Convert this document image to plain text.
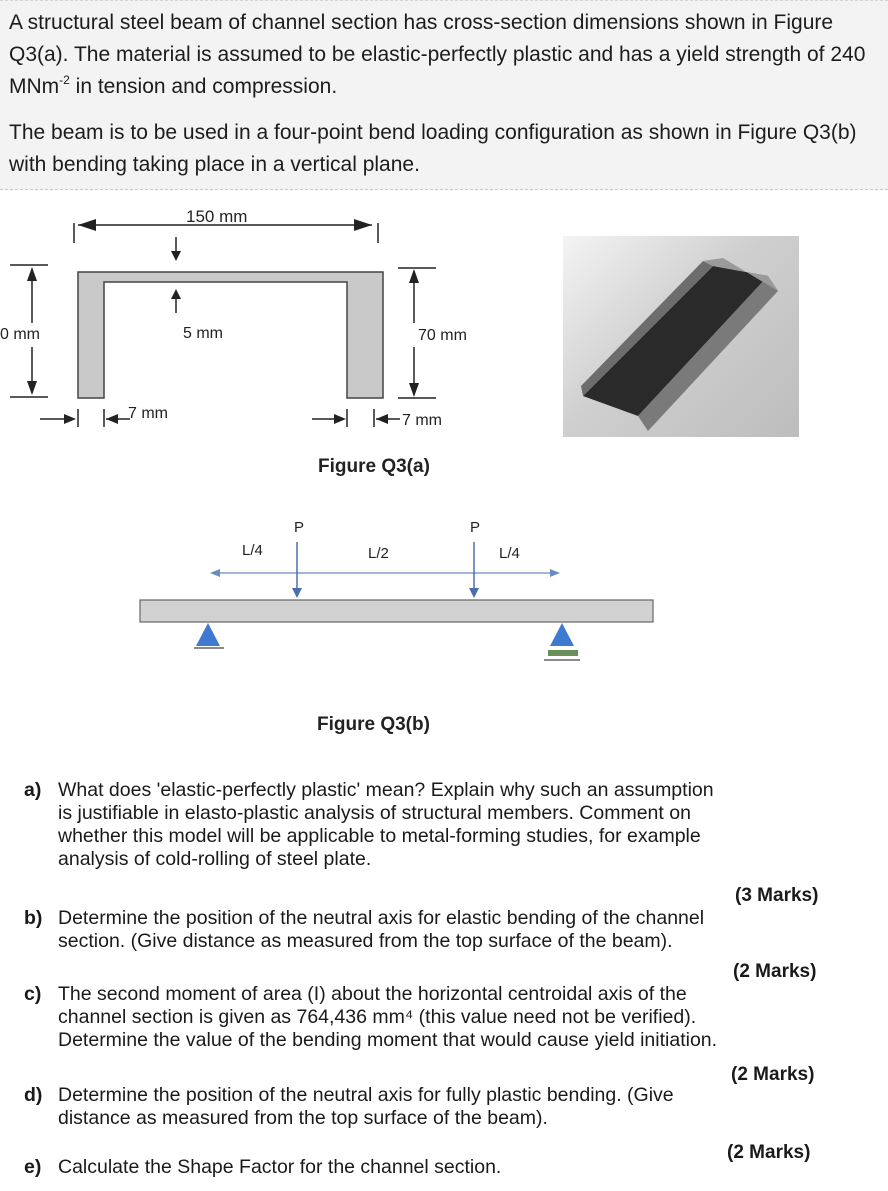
A structural steel beam of channel section has cross-section dimensions shown in Figure Q3(a). The material is assumed to be elastic-perfectly plastic and has a yield strength of 240 MNm$^{-2}$ in tension and compression.

The beam is to be used in a four-point bend loading configuration as shown in Figure Q3(b) with bending taking place in a vertical plane.

150 mm
5 mm
0 mm	70 mm
7 mm	7 mm
Figure Q3(a)
L/4	L/2	L/4
P	P
Figure Q3(b)
a) What does 'elastic-perfectly plastic' mean? Explain why such an assumption
is justifiable in elasto-plastic analysis of structural members. Comment on
whether this model will be applicable to metal-forming studies, for example
analysis of cold-rolling of steel plate.
(3 Marks)
b) Determine the position of the neutral axis for elastic bending of the channel
section. (Give distance as measured from the top surface of the beam).
(2 Marks)
c) The second moment of area (I) about the horizontal centroidal axis of the
channel section is given as 764,436 mm⁴ (this value need not be verified).
Determine the value of the bending moment that would cause yield initiation.
(2 Marks)
d) Determine the position of the neutral axis for fully plastic bending. (Give
distance as measured from the top surface of the beam).
(2 Marks)
e) Calculate the Shape Factor for the channel section.
